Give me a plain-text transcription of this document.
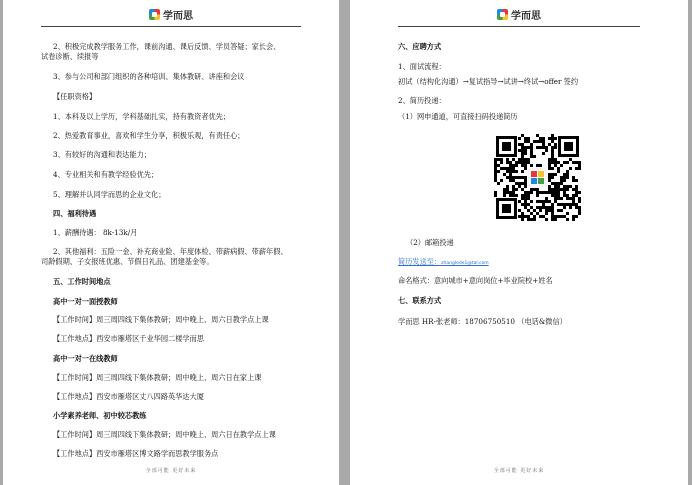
学而思
2、积极完成教学服务工作，课前沟通、课后反馈、学员答疑；家长会、
试卷诊断、续报等
3、参与公司和部门组织的各种培训、集体教研、讲座和会议
【任职资格】
1、本科及以上学历，学科基础扎实，持有教资者优先；
2、热爱教育事业，喜欢和学生分享，积极乐观，有责任心；
3、有较好的沟通和表达能力；
4、专业相关和有教学经验优先；
5、理解并认同学而思的企业文化；
四、福利待遇
1、薪酬待遇： 8k-13k/月
2、其他福利：五险一金、补充商业险、年度体检、带薪病假、带薪年假、
司龄假期、子女报班优惠、节假日礼品、团建基金等。
五、工作时间地点
高中一对一面授教师
【工作时间】周三周四线下集体教研；周中晚上、周六日教学点上课
【工作地点】西安市雁塔区千业华园二楼学而思
高中一对一在线教师
【工作时间】周三周四线下集体教研；周中晚上、周六日在家上课
【工作地点】西安市雁塔区丈八四路英华达大厦
小学素养老师、初中较芯教练
【工作时间】周三周四线下集体教研；周中晚上、周六日在教学点上课
【工作地点】西安市雁塔区博文路学而思教学服务点
全部可能 更好未来
学而思
六、应聘方式
1、面试流程：
初试（结构化沟通）→复试指导→试讲→终试→offer 签约
2、简历投递：
（1）网申通道，可直接扫码投递简历
（2）邮箱投递
简历发送至：zhanglede1@tal.com
命名格式：意向城市+意向岗位+毕业院校+姓名
七、联系方式
学而思 HR-张老师：18706750510 （电话&微信）
全部可能 更好未来
